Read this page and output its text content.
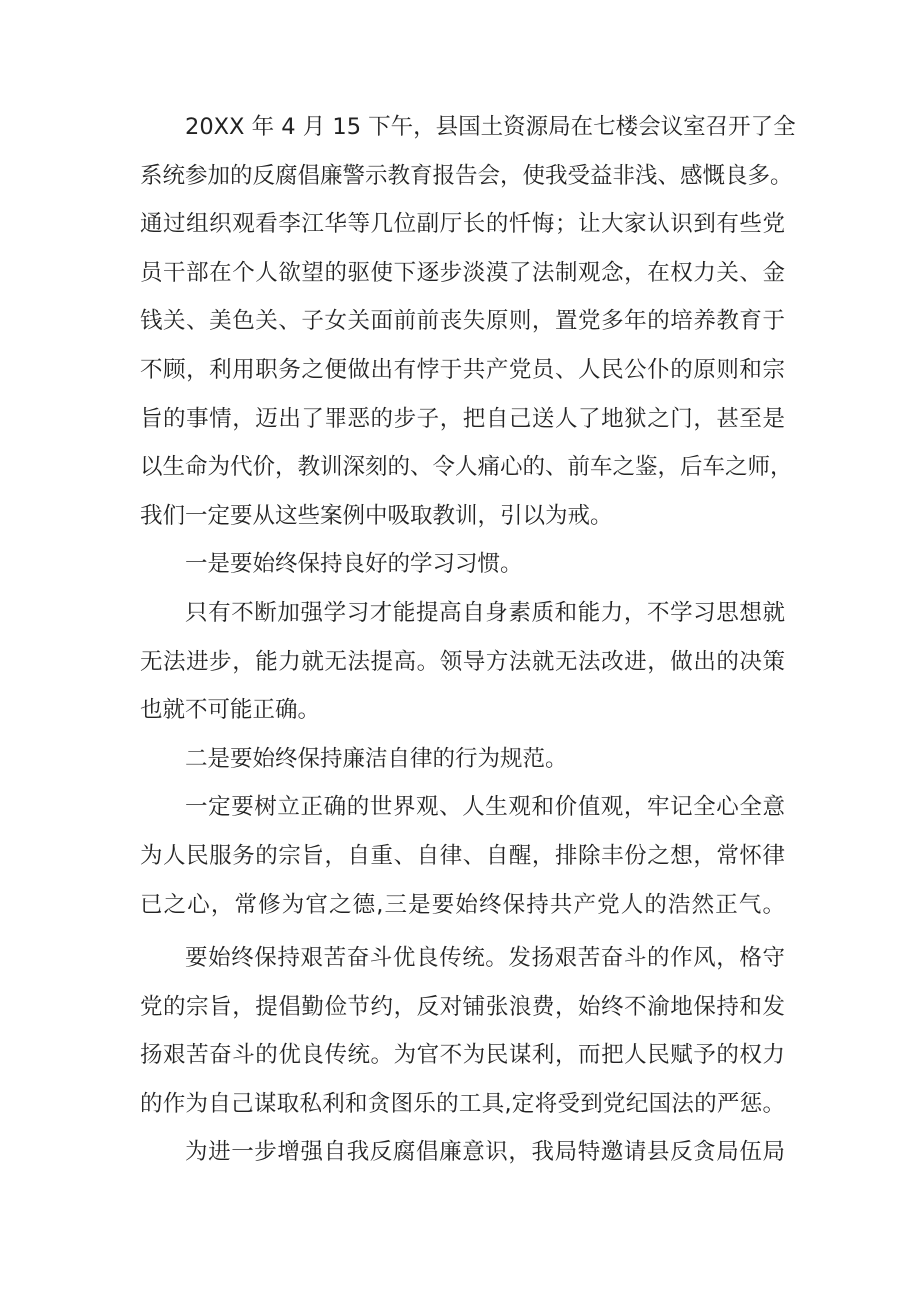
20XX 年 4 月 15 下午，县国土资源局在七楼会议室召开了全
系统参加的反腐倡廉警示教育报告会，使我受益非浅、感慨良多。
通过组织观看李江华等几位副厅长的忏悔；让大家认识到有些党
员干部在个人欲望的驱使下逐步淡漠了法制观念，在权力关、金
钱关、美色关、子女关面前前丧失原则，置党多年的培养教育于
不顾，利用职务之便做出有悖于共产党员、人民公仆的原则和宗
旨的事情，迈出了罪恶的步子，把自己送人了地狱之门，甚至是
以生命为代价，教训深刻的、令人痛心的、前车之鉴，后车之师，
我们一定要从这些案例中吸取教训，引以为戒。
一是要始终保持良好的学习习惯。
只有不断加强学习才能提高自身素质和能力，不学习思想就
无法进步，能力就无法提高。领导方法就无法改进，做出的决策
也就不可能正确。
二是要始终保持廉洁自律的行为规范。
一定要树立正确的世界观、人生观和价值观，牢记全心全意
为人民服务的宗旨，自重、自律、自醒，排除丰份之想，常怀律
已之心，常修为官之德,三是要始终保持共产党人的浩然正气。
要始终保持艰苦奋斗优良传统。发扬艰苦奋斗的作风，格守
党的宗旨，提倡勤俭节约，反对铺张浪费，始终不渝地保持和发
扬艰苦奋斗的优良传统。为官不为民谋利，而把人民赋予的权力
的作为自己谋取私利和贪图乐的工具,定将受到党纪国法的严惩。
为进一步增强自我反腐倡廉意识，我局特邀请县反贪局伍局
